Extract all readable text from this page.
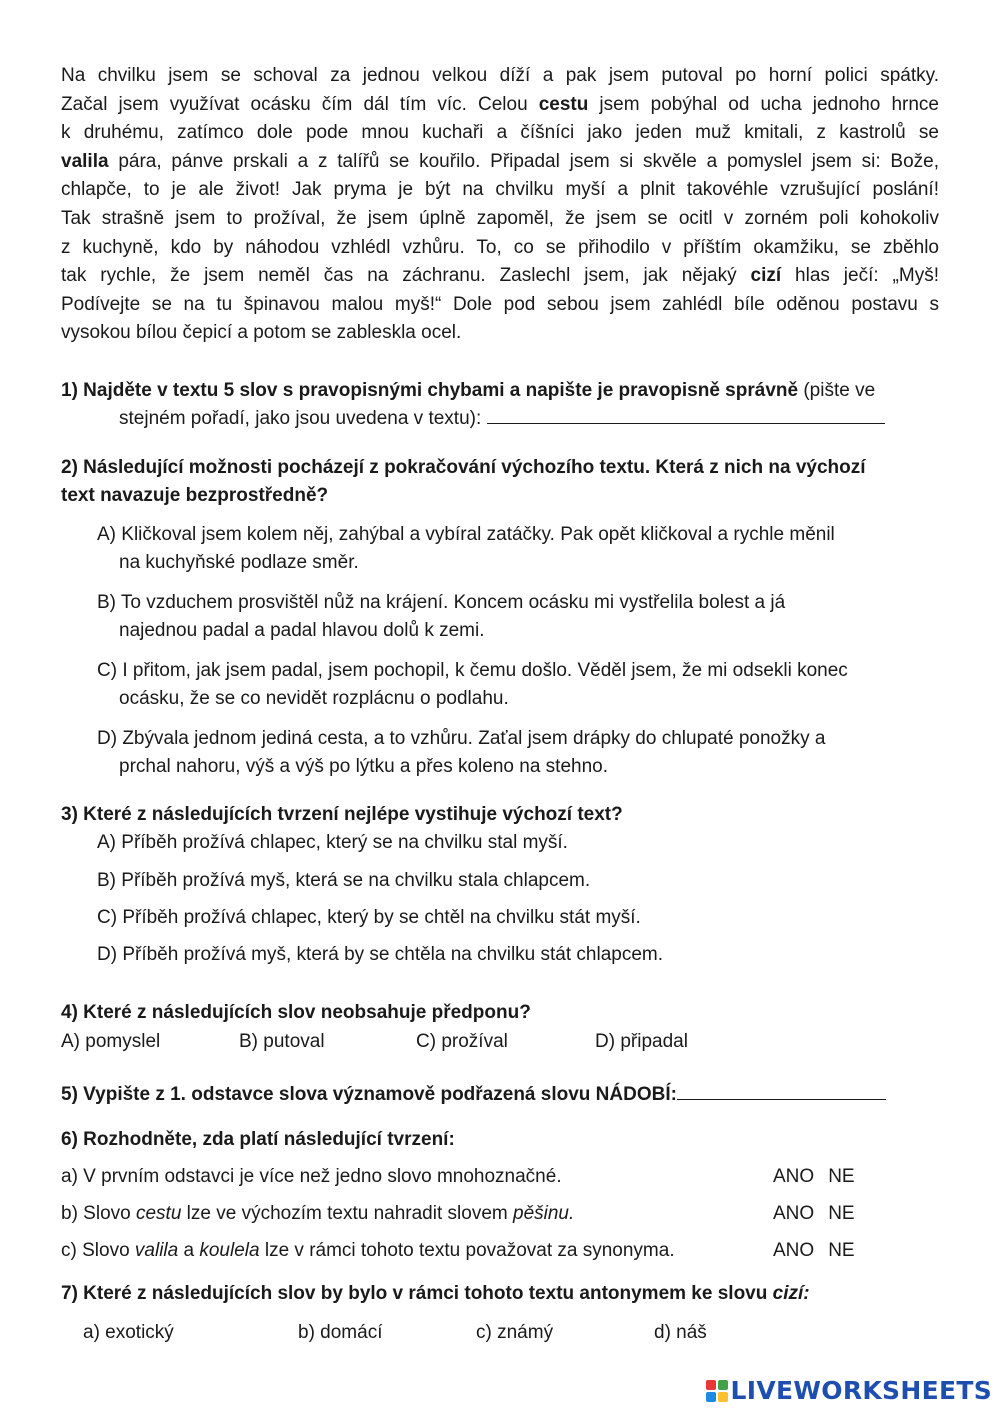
Na chvilku jsem se schoval za jednou velkou díží a pak jsem putoval po horní polici spátky.
Začal jsem využívat ocásku čím dál tím víc. Celou cestu jsem pobýhal od ucha jednoho hrnce
k druhému, zatímco dole pode mnou kuchaři a číšníci jako jeden muž kmitali, z kastrolů se
valila pára, pánve prskali a z talířů se kouřilo. Připadal jsem si skvěle a pomyslel jsem si: Bože,
chlapče, to je ale život! Jak pryma je být na chvilku myší a plnit takovéhle vzrušující poslání!
Tak strašně jsem to prožíval, že jsem úplně zapoměl, že jsem se ocitl v zorném poli kohokoliv
z kuchyně, kdo by náhodou vzhlédl vzhůru. To, co se přihodilo v příštím okamžiku, se zběhlo
tak rychle, že jsem neměl čas na záchranu. Zaslechl jsem, jak nějaký cizí hlas ječí: „Myš!
Podívejte se na tu špinavou malou myš!“ Dole pod sebou jsem zahlédl bíle oděnou postavu s
vysokou bílou čepicí a potom se zableskla ocel.

1) Najděte v textu 5 slov s pravopisnými chybami a napište je pravopisně správně (pište ve
stejném pořadí, jako jsou uvedena v textu):
2) Následující možnosti pocházejí z pokračování výchozího textu. Která z nich na výchozí
text navazuje bezprostředně?
A) Kličkoval jsem kolem něj, zahýbal a vybíral zatáčky. Pak opět kličkoval a rychle měnil
na kuchyňské podlaze směr.
B) To vzduchem prosvištěl nůž na krájení. Koncem ocásku mi vystřelila bolest a já
najednou padal a padal hlavou dolů k zemi.
C) I přitom, jak jsem padal, jsem pochopil, k čemu došlo. Věděl jsem, že mi odsekli konec
ocásku, že se co nevidět rozplácnu o podlahu.
D) Zbývala jednom jediná cesta, a to vzhůru. Zaťal jsem drápky do chlupaté ponožky a
prchal nahoru, výš a výš po lýtku a přes koleno na stehno.
3) Které z následujících tvrzení nejlépe vystihuje výchozí text?
A) Příběh prožívá chlapec, který se na chvilku stal myší.
B) Příběh prožívá myš, která se na chvilku stala chlapcem.
C) Příběh prožívá chlapec, který by se chtěl na chvilku stát myší.
D) Příběh prožívá myš, která by se chtěla na chvilku stát chlapcem.
4) Které z následujících slov neobsahuje předponu?
A) pomyslel	B) putoval	C) prožíval	D) připadal
5) Vypište z 1. odstavce slova významově podřazená slovu NÁDOBÍ:
6) Rozhodněte, zda platí následující tvrzení:
a) V prvním odstavci je více než jedno slovo mnohoznačné.	ANO NE
b) Slovo cestu lze ve výchozím textu nahradit slovem pěšinu.	ANO NE
c) Slovo valila a koulela lze v rámci tohoto textu považovat za synonyma.	ANO NE
7) Které z následujících slov by bylo v rámci tohoto textu antonymem ke slovu cizí:
a) exotický	b) domácí	c) známý	d) náš
LIVEWORKSHEETS
